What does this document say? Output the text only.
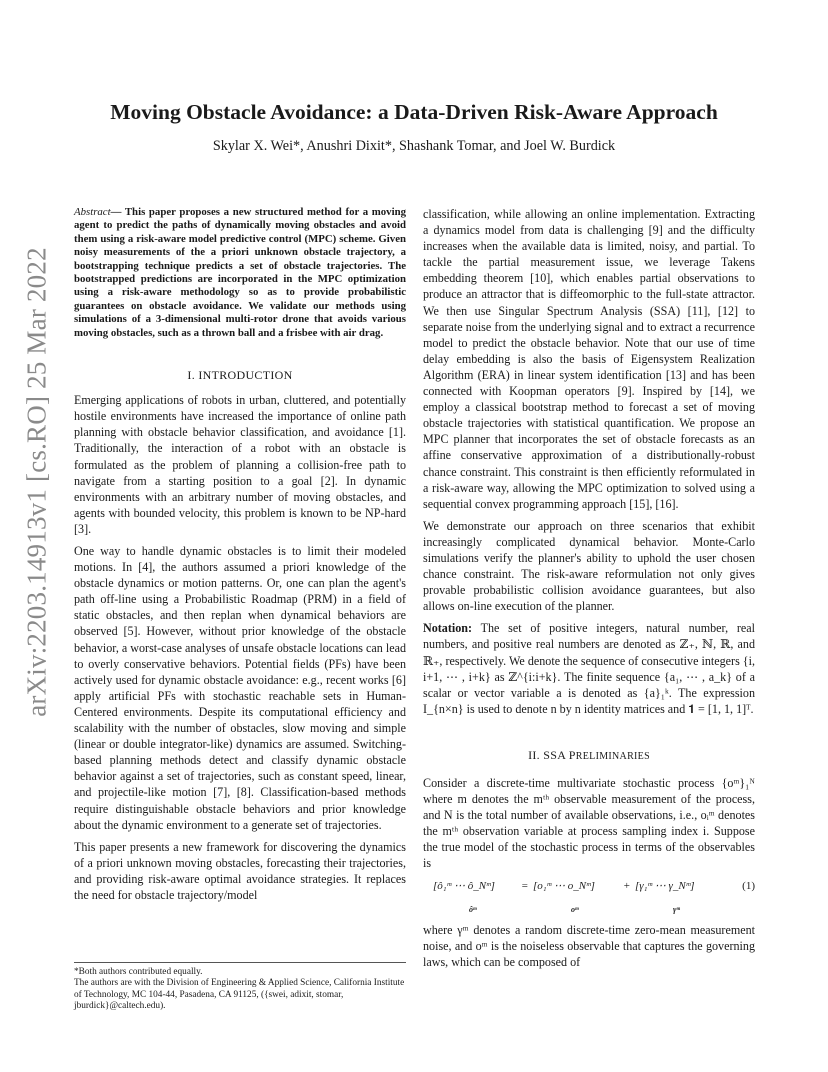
arXiv:2203.14913v1 [cs.RO] 25 Mar 2022
Moving Obstacle Avoidance: a Data-Driven Risk-Aware Approach
Skylar X. Wei*, Anushri Dixit*, Shashank Tomar, and Joel W. Burdick

Abstract— This paper proposes a new structured method for a moving agent to predict the paths of dynamically moving obstacles and avoid them using a risk-aware model predictive control (MPC) scheme. Given noisy measurements of the a priori unknown obstacle trajectory, a bootstrapping technique predicts a set of obstacle trajectories. The bootstrapped predictions are incorporated in the MPC optimization using a risk-aware methodology so as to provide probabilistic guarantees on obstacle avoidance. We validate our methods using simulations of a 3-dimensional multi-rotor drone that avoids various moving obstacles, such as a thrown ball and a frisbee with air drag.

I. INTRODUCTION

Emerging applications of robots in urban, cluttered, and potentially hostile environments have increased the importance of online path planning with obstacle behavior classification, and avoidance [1]. Traditionally, the interaction of a robot with an obstacle is formulated as the problem of planning a collision-free path to navigate from a starting position to a goal [2]. In dynamic environments with an arbitrary number of moving obstacles, and agents with bounded velocity, this problem is known to be NP-hard [3].

One way to handle dynamic obstacles is to limit their modeled motions. In [4], the authors assumed a priori knowledge of the obstacle dynamics or motion patterns. Or, one can plan the agent's path off-line using a Probabilistic Roadmap (PRM) in a field of static obstacles, and then replan when dynamical behaviors are observed [5]. However, without prior knowledge of the obstacle behavior, a worst-case analyses of unsafe obstacle locations can lead to overly conservative behaviors. Potential fields (PFs) have been actively used for dynamic obstacle avoidance: e.g., recent works [6] apply artificial PFs with stochastic reachable sets in Human-Centered environments. Despite its computational efficiency and scalability with the number of obstacles, slow moving and simple (linear or double integrator-like) dynamics are assumed. Switching-based planning methods detect and classify dynamic obstacle behavior against a set of trajectories, such as constant speed, linear, and projectile-like motion [7], [8]. Classification-based methods require distinguishable obstacle behaviors and prior knowledge about the dynamic environment to a generate set of trajectories.

This paper presents a new framework for discovering the dynamics of a priori unknown moving obstacles, forecasting their trajectories, and providing risk-aware optimal avoidance strategies. It replaces the need for obstacle trajectory/model

classification, while allowing an online implementation. Extracting a dynamics model from data is challenging [9] and the difficulty increases when the available data is limited, noisy, and partial. To tackle the partial measurement issue, we leverage Takens embedding theorem [10], which enables partial observations to produce an attractor that is diffeomorphic to the full-state attractor. We then use Singular Spectrum Analysis (SSA) [11], [12] to separate noise from the underlying signal and to extract a recurrence model to predict the obstacle behavior. Note that our use of time delay embedding is also the basis of Eigensystem Realization Algorithm (ERA) in linear system identification [13] and has been connected with Koopman operators [9]. Inspired by [14], we employ a classical bootstrap method to forecast a set of moving obstacle trajectories with statistical quantification. We propose an MPC planner that incorporates the set of obstacle forecasts as an affine conservative approximation of a distributionally-robust chance constraint. This constraint is then efficiently reformulated in a risk-aware way, allowing the MPC optimization to solved using a sequential convex programming approach [15], [16].

We demonstrate our approach on three scenarios that exhibit increasingly complicated dynamical behavior. Monte-Carlo simulations verify the planner's ability to uphold the user chosen chance constraint. The risk-aware reformulation not only gives provable probabilistic collision avoidance guarantees, but also allows on-line execution of the planner.

Notation: The set of positive integers, natural number, real numbers, and positive real numbers are denoted as ℤ₊, ℕ, ℝ, and ℝ₊, respectively. We denote the sequence of consecutive integers {i, i+1, ⋯ , i+k} as ℤ^{i:i+k}. The finite sequence {a₁, ⋯ , a_k} of a scalar or vector variable a is denoted as {a}₁ᵏ. The expression I_{n×n} is used to denote n by n identity matrices and 𝟏 = [1, 1, 1]ᵀ.

II. SSA PRELIMINARIES

Consider a discrete-time multivariate stochastic process {oᵐ}₁ᴺ where m denotes the mᵗʰ observable measurement of the process, and N is the total number of available observations, i.e., oᵢᵐ denotes the mᵗʰ observation variable at process sampling index i. Suppose the true model of the stochastic process in terms of the observables is

[ô₁ᵐ ⋯ ô_Nᵐ] = [o₁ᵐ ⋯ o_Nᵐ]	+ [γ₁ᵐ ⋯ γ_Nᵐ]
ôᵐ	oᵐ	γᵐ
(1)

where γᵐ denotes a random discrete-time zero-mean measurement noise, and oᵐ is the noiseless observable that captures the governing laws, which can be composed of

*Both authors contributed equally.

The authors are with the Division of Engineering & Applied Science, California Institute of Technology, MC 104-44, Pasadena, CA 91125, ({swei, adixit, stomar, jburdick}@caltech.edu).
